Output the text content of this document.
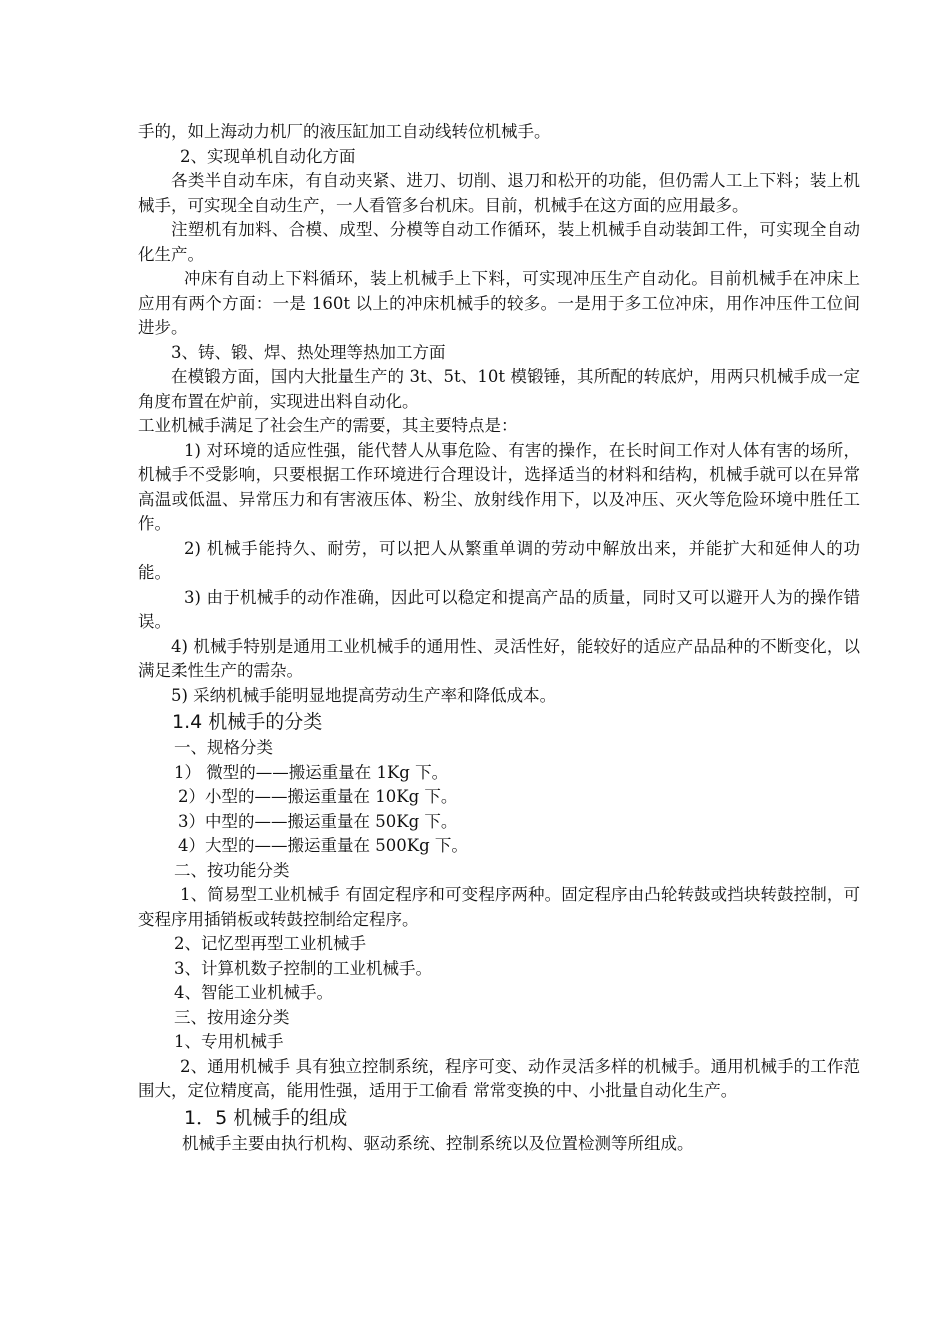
手的，如上海动力机厂的液压缸加工自动线转位机械手。

2、实现单机自动化方面

各类半自动车床，有自动夹紧、进刀、切削、退刀和松开的功能，但仍需人工上下料；装上机械手，可实现全自动生产，一人看管多台机床。目前，机械手在这方面的应用最多。

注塑机有加料、合模、成型、分模等自动工作循环，装上机械手自动装卸工件，可实现全自动化生产。

冲床有自动上下料循环，装上机械手上下料，可实现冲压生产自动化。目前机械手在冲床上应用有两个方面：一是 160t 以上的冲床机械手的较多。一是用于多工位冲床，用作冲压件工位间进步。

3、铸、锻、焊、热处理等热加工方面

在模锻方面，国内大批量生产的 3t、5t、10t 模锻锤，其所配的转底炉，用两只机械手成一定角度布置在炉前，实现进出料自动化。

工业机械手满足了社会生产的需要，其主要特点是：

1) 对环境的适应性强，能代替人从事危险、有害的操作，在长时间工作对人体有害的场所，机械手不受影响，只要根据工作环境进行合理设计，选择适当的材料和结构，机械手就可以在异常高温或低温、异常压力和有害液压体、粉尘、放射线作用下，以及冲压、灭火等危险环境中胜任工作。

2) 机械手能持久、耐劳，可以把人从繁重单调的劳动中解放出来，并能扩大和延伸人的功能。

3) 由于机械手的动作准确，因此可以稳定和提高产品的质量，同时又可以避开人为的操作错误。

4) 机械手特别是通用工业机械手的通用性、灵活性好，能较好的适应产品品种的不断变化，以满足柔性生产的需杂。

5) 采纳机械手能明显地提高劳动生产率和降低成本。

1.4 机械手的分类

一、规格分类

1） 微型的——搬运重量在 1Kg 下。

2）小型的——搬运重量在 10Kg 下。

3）中型的——搬运重量在 50Kg 下。

4）大型的——搬运重量在 500Kg 下。

二、按功能分类

1、简易型工业机械手 有固定程序和可变程序两种。固定程序由凸轮转鼓或挡块转鼓控制，可变程序用插销板或转鼓控制给定程序。

2、记忆型再型工业机械手

3、计算机数子控制的工业机械手。

4、智能工业机械手。

三、按用途分类

1、专用机械手

2、通用机械手 具有独立控制系统，程序可变、动作灵活多样的机械手。通用机械手的工作范围大，定位精度高，能用性强，适用于工偷看 常常变换的中、小批量自动化生产。

1．5 机械手的组成

机械手主要由执行机构、驱动系统、控制系统以及位置检测等所组成。
